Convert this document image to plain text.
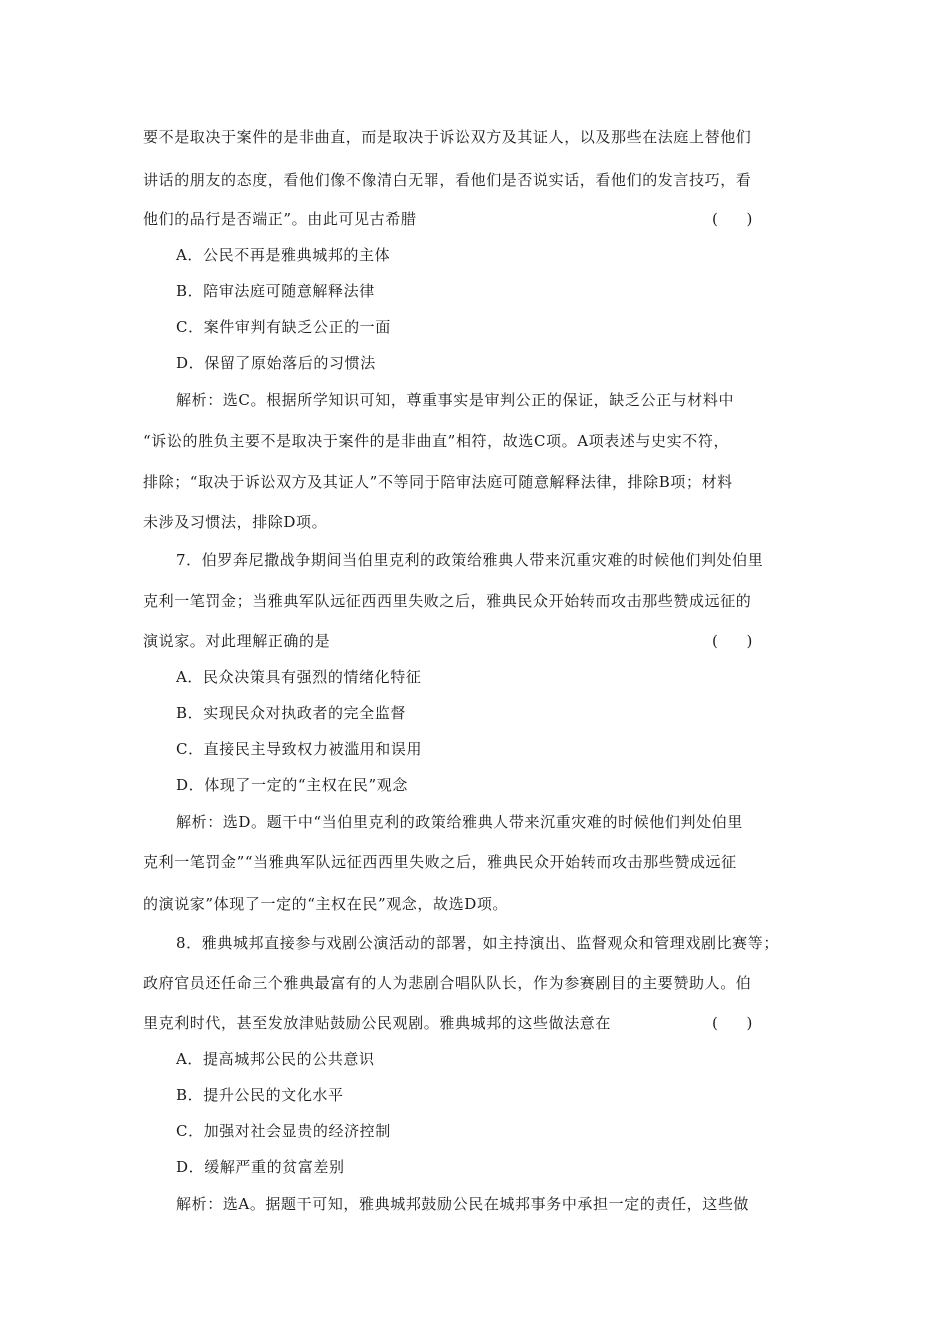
要不是取决于案件的是非曲直，而是取决于诉讼双方及其证人，以及那些在法庭上替他们
讲话的朋友的态度，看他们像不像清白无罪，看他们是否说实话，看他们的发言技巧，看
他们的品行是否端正”。由此可见古希腊	(      )
A．公民不再是雅典城邦的主体
B．陪审法庭可随意解释法律
C．案件审判有缺乏公正的一面
D．保留了原始落后的习惯法
解析：选C。根据所学知识可知，尊重事实是审判公正的保证，缺乏公正与材料中
“诉讼的胜负主要不是取决于案件的是非曲直”相符，故选C项。A项表述与史实不符，
排除；“取决于诉讼双方及其证人”不等同于陪审法庭可随意解释法律，排除B项；材料
未涉及习惯法，排除D项。
7．伯罗奔尼撒战争期间当伯里克利的政策给雅典人带来沉重灾难的时候他们判处伯里
克利一笔罚金；当雅典军队远征西西里失败之后，雅典民众开始转而攻击那些赞成远征的
演说家。对此理解正确的是	(      )
A．民众决策具有强烈的情绪化特征
B．实现民众对执政者的完全监督
C．直接民主导致权力被滥用和误用
D．体现了一定的“主权在民”观念
解析：选D。题干中“当伯里克利的政策给雅典人带来沉重灾难的时候他们判处伯里
克利一笔罚金”“当雅典军队远征西西里失败之后，雅典民众开始转而攻击那些赞成远征
的演说家”体现了一定的“主权在民”观念，故选D项。
8．雅典城邦直接参与戏剧公演活动的部署，如主持演出、监督观众和管理戏剧比赛等；
政府官员还任命三个雅典最富有的人为悲剧合唱队队长，作为参赛剧目的主要赞助人。伯
里克利时代，甚至发放津贴鼓励公民观剧。雅典城邦的这些做法意在	(      )
A．提高城邦公民的公共意识
B．提升公民的文化水平
C．加强对社会显贵的经济控制
D．缓解严重的贫富差别
解析：选A。据题干可知，雅典城邦鼓励公民在城邦事务中承担一定的责任，这些做
